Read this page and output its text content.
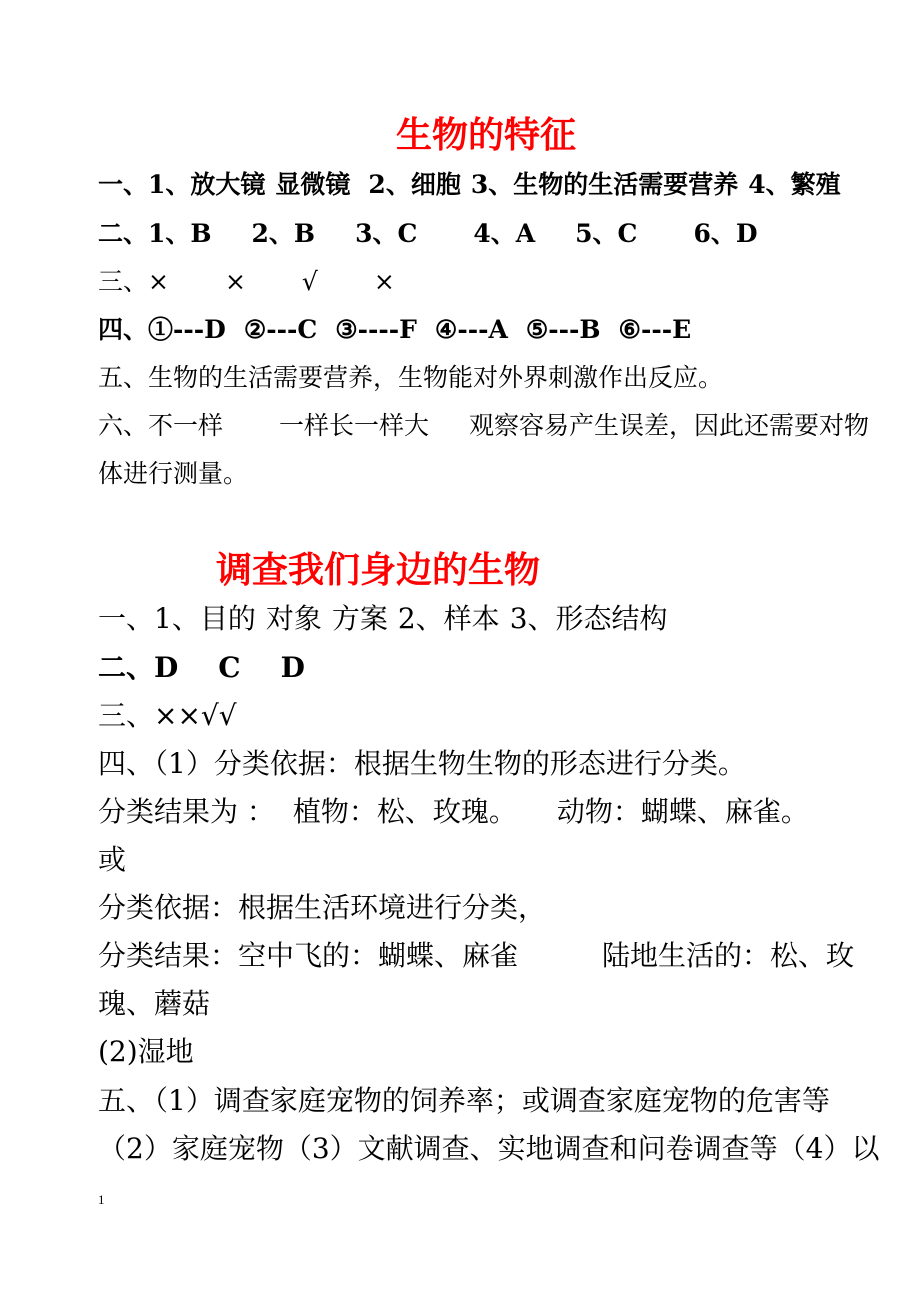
生物的特征
一、1、放大镜 显微镜 2、细胞 3、生物的生活需要营养 4、繁殖
二、1、B 2、B 3、C 4、A 5、C 6、D
三、× × √ ×
四、①---D ②---C ③----F ④---A ⑤---B ⑥---E
五、生物的生活需要营养，生物能对外界刺激作出反应。
六、不一样 一样长一样大 观察容易产生误差，因此还需要对物
体进行测量。
调查我们身边的生物
一、1、目的 对象 方案 2、样本 3、形态结构
二、D C D
三、××√√
四、（1）分类依据：根据生物生物的形态进行分类。
分类结果为 ： 植物：松、玫瑰。 动物：蝴蝶、麻雀。
或
分类依据：根据生活环境进行分类，
分类结果：空中飞的：蝴蝶、麻雀	陆地生活的：松、玫
瑰、蘑菇
(2)湿地
五、（1）调查家庭宠物的饲养率；或调查家庭宠物的危害等
（2）家庭宠物（3）文献调查、实地调查和问卷调查等（4）以
1
